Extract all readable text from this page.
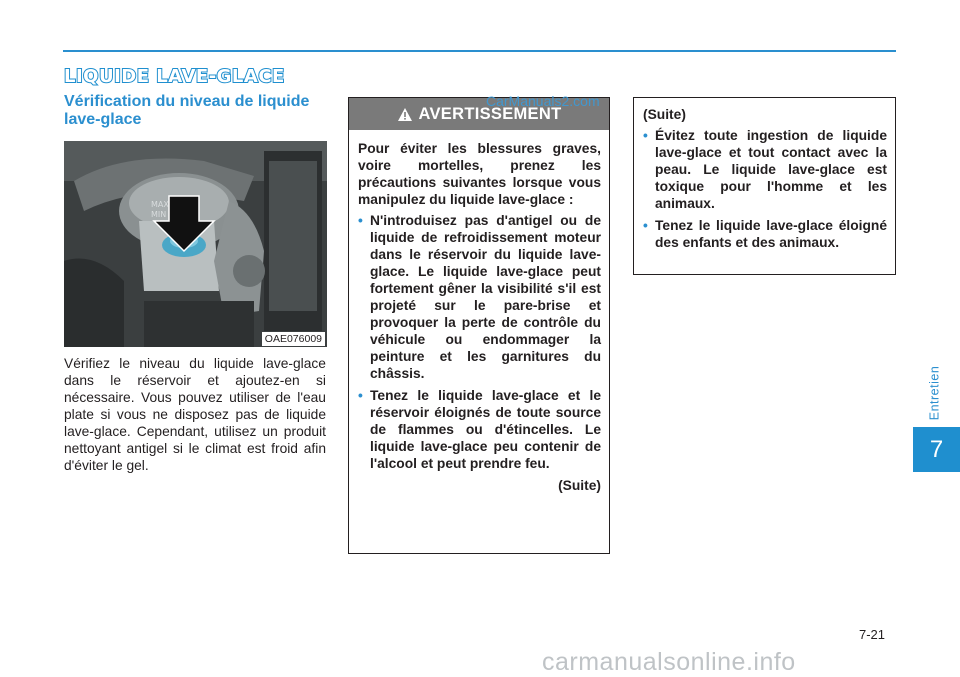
LIQUIDE LAVE-GLACE
Vérification du niveau de liquide lave-glace
MAX
MIN
OAE076009

Vérifiez le niveau du liquide lave-glace dans le réservoir et ajoutez-en si nécessaire. Vous pouvez utiliser de l'eau plate si vous ne disposez pas de liquide lave-glace. Cependant, utilisez un produit nettoyant antigel si le climat est froid afin d'éviter le gel.

AVERTISSEMENT

Pour éviter les blessures graves, voire mortelles, prenez les précautions suivantes lorsque vous manipulez du liquide lave-glace :

• N'introduisez pas d'antigel ou de liquide de refroidissement moteur dans le réservoir du liquide lave-glace. Le liquide lave-glace peut fortement gêner la visibilité s'il est projeté sur le pare-brise et provoquer la perte de contrôle du véhicule ou endommager la peinture et les garnitures du châssis.
• Tenez le liquide lave-glace et le réservoir éloignés de toute source de flammes ou d'étincelles. Le liquide lave-glace peu contenir de l'alcool et peut prendre feu.

(Suite)

CarManuals2.com

(Suite)

• Évitez toute ingestion de liquide lave-glace et tout contact avec la peau. Le liquide lave-glace est toxique pour l'homme et les animaux.
• Tenez le liquide lave-glace éloigné des enfants et des animaux.
Entretien
7
7-21
carmanualsonline.info
